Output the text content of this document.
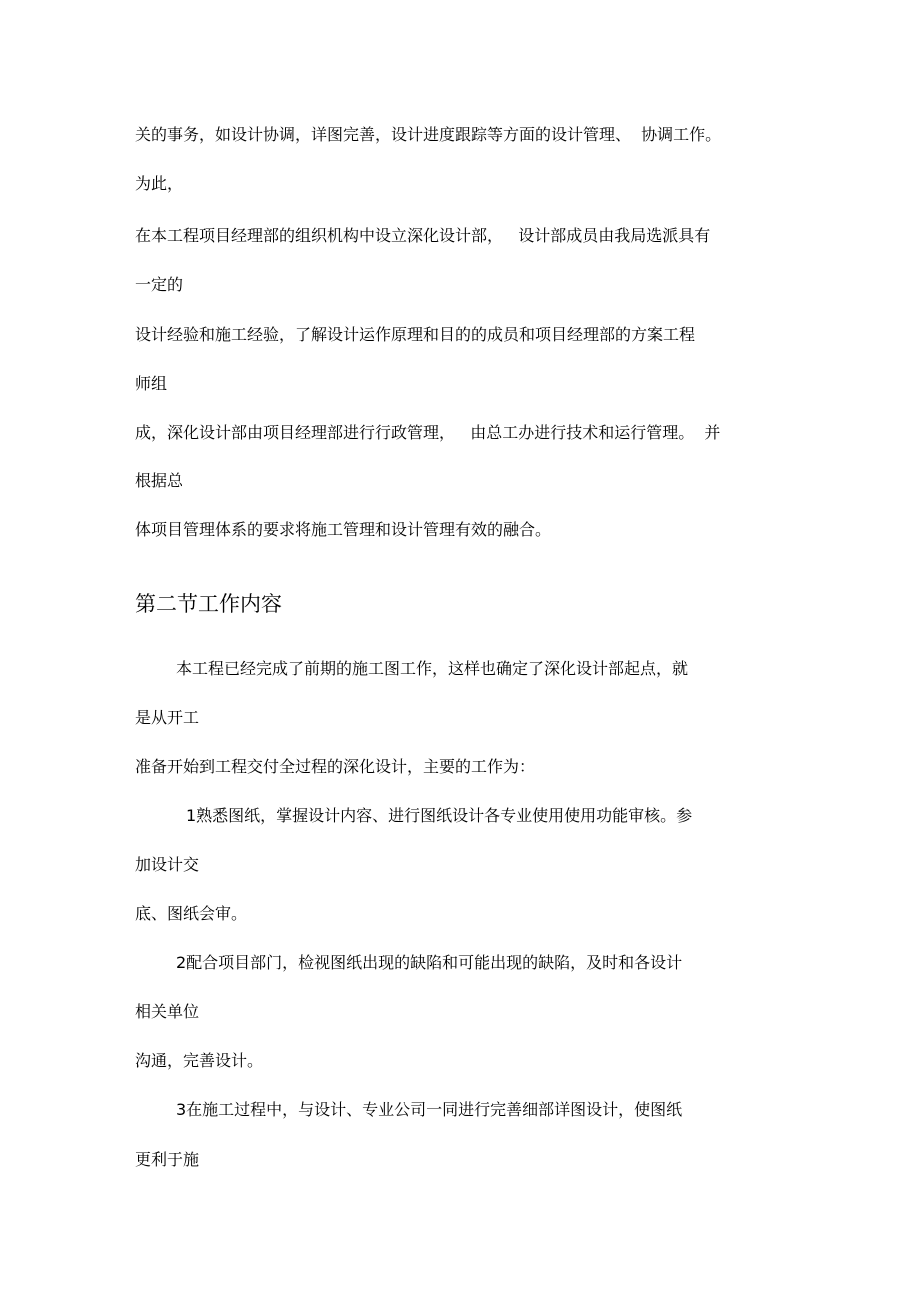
关的事务，如设计协调，详图完善，设计进度跟踪等方面的设计管理、  协调工作。
为此，
在本工程项目经理部的组织机构中设立深化设计部，   设计部成员由我局选派具有
一定的
设计经验和施工经验，了解设计运作原理和目的的成员和项目经理部的方案工程
师组
成，深化设计部由项目经理部进行行政管理，   由总工办进行技术和运行管理。  并
根据总
体项目管理体系的要求将施工管理和设计管理有效的融合。
第二节工作内容
本工程已经完成了前期的施工图工作，这样也确定了深化设计部起点，就
是从开工
准备开始到工程交付全过程的深化设计，主要的工作为：
1熟悉图纸，掌握设计内容、进行图纸设计各专业使用使用功能审核。参
加设计交
底、图纸会审。
2配合项目部门，检视图纸出现的缺陷和可能出现的缺陷，及时和各设计
相关单位
沟通，完善设计。
3在施工过程中，与设计、专业公司一同进行完善细部详图设计，使图纸
更利于施
